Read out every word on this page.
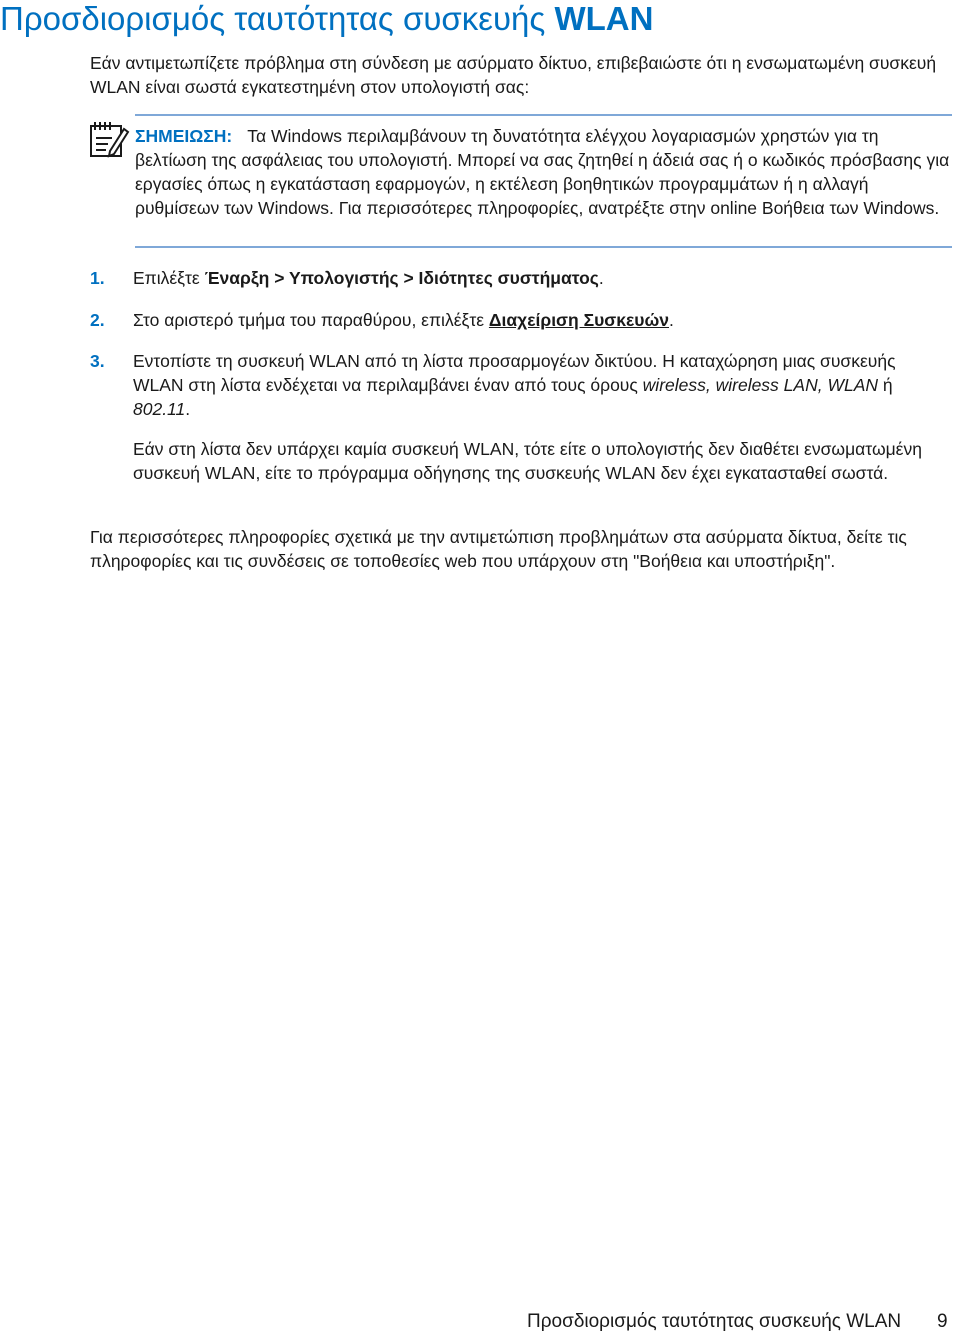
Προσδιορισμός ταυτότητας συσκευής WLAN

Εάν αντιμετωπίζετε πρόβλημα στη σύνδεση με ασύρματο δίκτυο, επιβεβαιώστε ότι η ενσωματωμένη συσκευή WLAN είναι σωστά εγκατεστημένη στον υπολογιστή σας:

ΣΗΜΕΙΩΣΗ: Τα Windows περιλαμβάνουν τη δυνατότητα ελέγχου λογαριασμών χρηστών για τη βελτίωση της ασφάλειας του υπολογιστή. Μπορεί να σας ζητηθεί η άδειά σας ή ο κωδικός πρόσβασης για εργασίες όπως η εγκατάσταση εφαρμογών, η εκτέλεση βοηθητικών προγραμμάτων ή η αλλαγή ρυθμίσεων των Windows. Για περισσότερες πληροφορίες, ανατρέξτε στην online Βοήθεια των Windows.

1. Επιλέξτε Έναρξη > Υπολογιστής > Ιδιότητες συστήματος.

2. Στο αριστερό τμήμα του παραθύρου, επιλέξτε Διαχείριση Συσκευών.

3. Εντοπίστε τη συσκευή WLAN από τη λίστα προσαρμογέων δικτύου. Η καταχώρηση μιας συσκευής WLAN στη λίστα ενδέχεται να περιλαμβάνει έναν από τους όρους wireless, wireless LAN, WLAN ή 802.11.

Εάν στη λίστα δεν υπάρχει καμία συσκευή WLAN, τότε είτε ο υπολογιστής δεν διαθέτει ενσωματωμένη συσκευή WLAN, είτε το πρόγραμμα οδήγησης της συσκευής WLAN δεν έχει εγκατασταθεί σωστά.

Για περισσότερες πληροφορίες σχετικά με την αντιμετώπιση προβλημάτων στα ασύρματα δίκτυα, δείτε τις πληροφορίες και τις συνδέσεις σε τοποθεσίες web που υπάρχουν στη "Βοήθεια και υποστήριξη".

Προσδιορισμός ταυτότητας συσκευής WLAN 9
